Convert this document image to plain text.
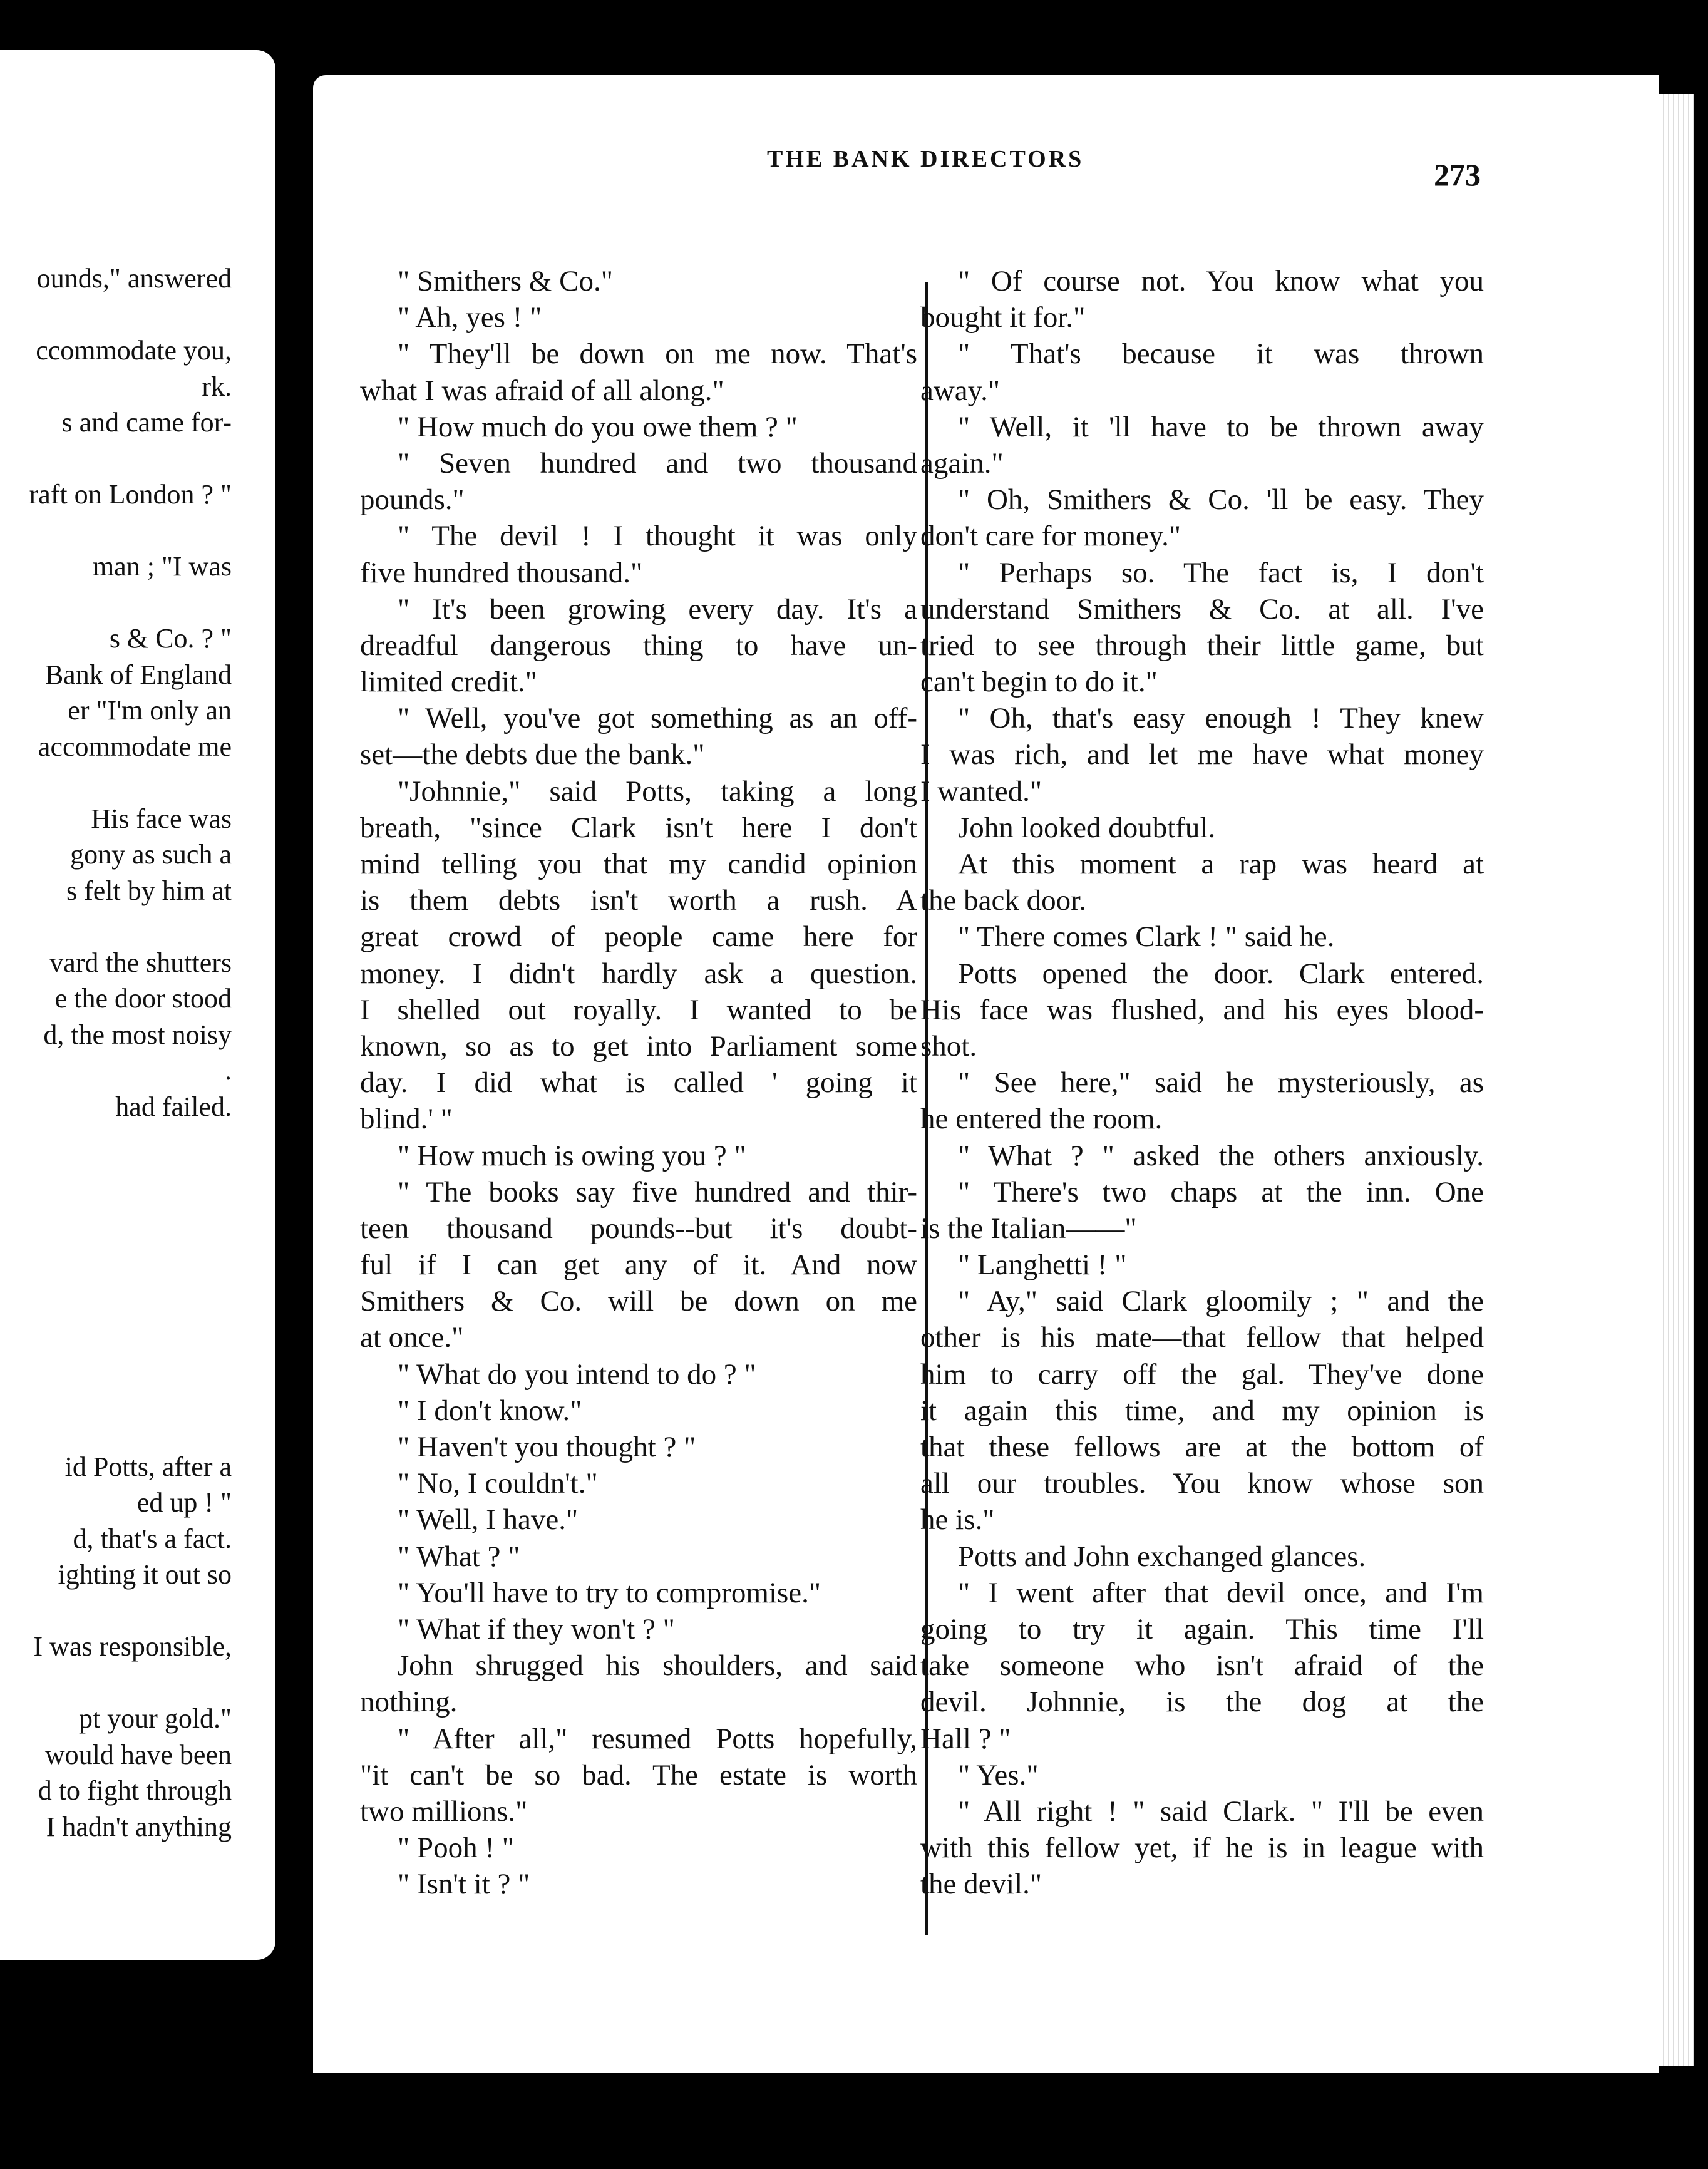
ounds," answered
ccommodate you,
rk.
s and came for-
raft on London ? "
man ; "I was
s & Co. ? "
Bank of England
er "I'm only an
accommodate me
His face was
gony as such a
s felt by him at
vard the shutters
e the door stood
d, the most noisy
.
had failed.
id Potts, after a
ed up ! "
d, that's a fact.
ighting it out so
I was responsible,
pt your gold."
would have been
d to fight through
I hadn't anything
THE BANK DIRECTORS	273
" Smithers & Co."
" Ah, yes ! "
" They'll be down on me now. That's
what I was afraid of all along."
" How much do you owe them ? "
" Seven hundred and two thousand
pounds."
" The devil ! I thought it was only
five hundred thousand."
" It's been growing every day. It's a
dreadful dangerous thing to have un-
limited credit."
" Well, you've got something as an off-
set—the debts due the bank."
"Johnnie," said Potts, taking a long
breath, "since Clark isn't here I don't
mind telling you that my candid opinion
is them debts isn't worth a rush. A
great crowd of people came here for
money. I didn't hardly ask a question.
I shelled out royally. I wanted to be
known, so as to get into Parliament some
day. I did what is called ' going it
blind.' "
" How much is owing you ? "
" The books say five hundred and thir-
teen thousand pounds--but it's doubt-
ful if I can get any of it. And now
Smithers & Co. will be down on me
at once."
" What do you intend to do ? "
" I don't know."
" Haven't you thought ? "
" No, I couldn't."
" Well, I have."
" What ? "
" You'll have to try to compromise."
" What if they won't ? "
John shrugged his shoulders, and said
nothing.
" After all," resumed Potts hopefully,
"it can't be so bad. The estate is worth
two millions."
" Pooh ! "
" Isn't it ? "
" Of course not. You know what you
bought it for."
" That's because it was thrown
away."
" Well, it 'll have to be thrown away
again."
" Oh, Smithers & Co. 'll be easy. They
don't care for money."
" Perhaps so. The fact is, I don't
understand Smithers & Co. at all. I've
tried to see through their little game, but
can't begin to do it."
" Oh, that's easy enough ! They knew
I was rich, and let me have what money
I wanted."
John looked doubtful.
At this moment a rap was heard at
the back door.
" There comes Clark ! " said he.
Potts opened the door. Clark entered.
His face was flushed, and his eyes blood-
shot.
" See here," said he mysteriously, as
he entered the room.
" What ? " asked the others anxiously.
" There's two chaps at the inn. One
is the Italian——"
" Langhetti ! "
" Ay," said Clark gloomily ; " and the
other is his mate—that fellow that helped
him to carry off the gal. They've done
it again this time, and my opinion is
that these fellows are at the bottom of
all our troubles. You know whose son
he is."
Potts and John exchanged glances.
" I went after that devil once, and I'm
going to try it again. This time I'll
take someone who isn't afraid of the
devil. Johnnie, is the dog at the
Hall ? "
" Yes."
" All right ! " said Clark. " I'll be even
with this fellow yet, if he is in league with
the devil."
